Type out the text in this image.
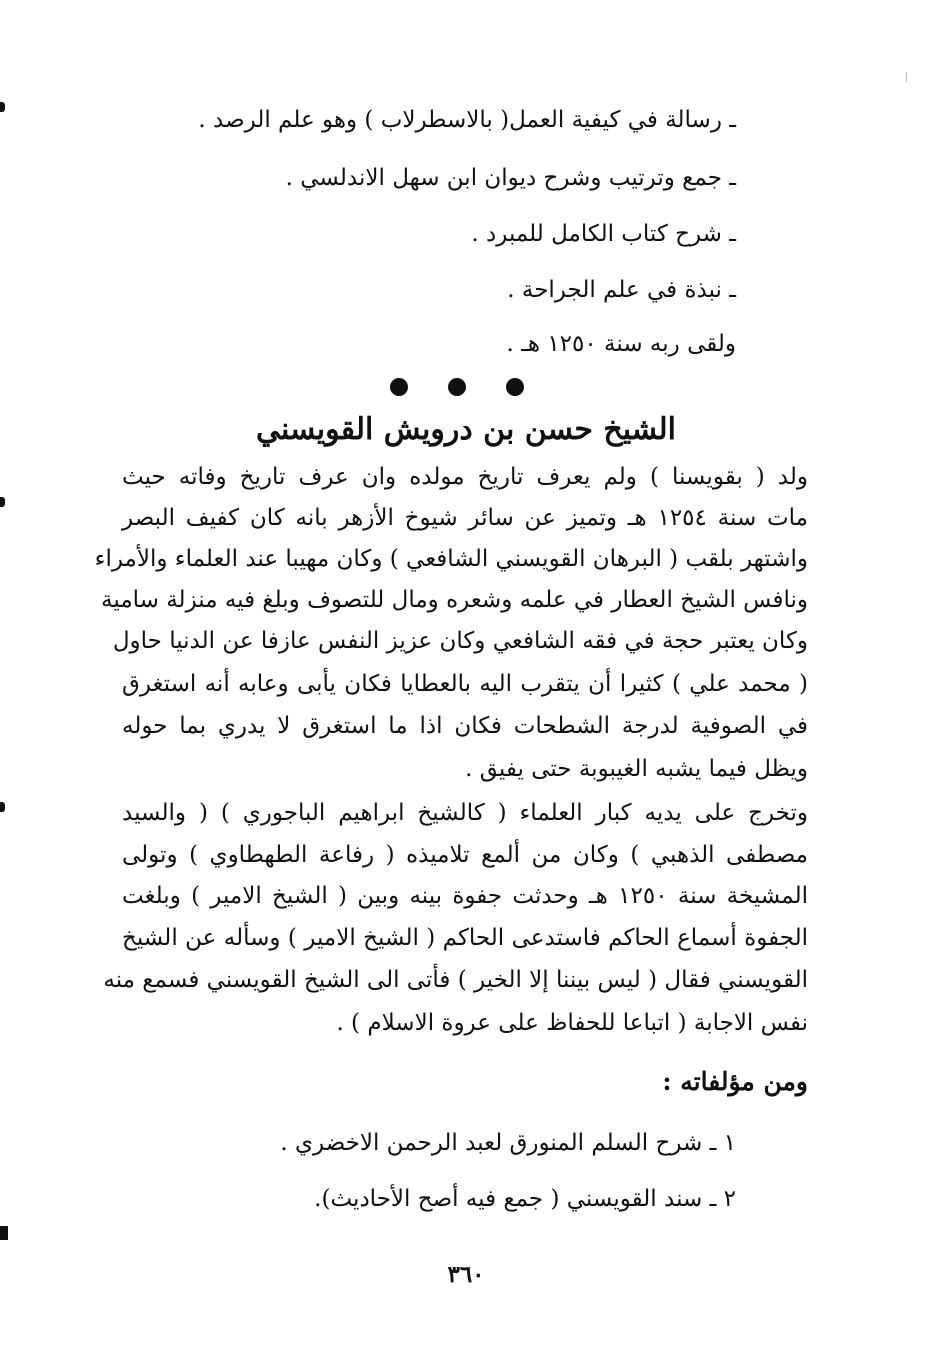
ـ رسالة في كيفية العمل( بالاسطرلاب ) وهو علم الرصد .
ـ جمع وترتيب وشرح ديوان ابن سهل الاندلسي .
ـ شرح كتاب الكامل للمبرد .
ـ نبذة في علم الجراحة .
ولقى ربه سنة ١٢٥٠ هـ .
الشيخ حسن بن درويش القويسني
ولد ( بقويسنا ) ولم يعرف تاريخ مولده وان عرف تاريخ وفاته حيث
مات سنة ١٢٥٤ هـ وتميز عن سائر شيوخ الأزهر بانه كان كفيف البصر
واشتهر بلقب ( البرهان القويسني الشافعي ) وكان مهيبا عند العلماء والأمراء
ونافس الشيخ العطار في علمه وشعره ومال للتصوف وبلغ فيه منزلة سامية
وكان يعتبر حجة في فقه الشافعي وكان عزيز النفس عازفا عن الدنيا حاول
( محمد علي ) كثيرا أن يتقرب اليه بالعطايا فكان يأبى وعابه أنه استغرق
في الصوفية لدرجة الشطحات فكان اذا ما استغرق لا يدري بما حوله
ويظل فيما يشبه الغيبوبة حتى يفيق .
وتخرج على يديه كبار العلماء ( كالشيخ ابراهيم الباجوري ) ( والسيد
مصطفى الذهبي ) وكان من ألمع تلاميذه ( رفاعة الطهطاوي ) وتولى
المشيخة سنة ١٢٥٠ هـ وحدثت جفوة بينه وبين ( الشيخ الامير ) وبلغت
الجفوة أسماع الحاكم فاستدعى الحاكم ( الشيخ الامير ) وسأله عن الشيخ
القويسني فقال ( ليس بيننا إلا الخير ) فأتى الى الشيخ القويسني فسمع منه
نفس الاجابة ( اتباعا للحفاظ على عروة الاسلام ) .
ومن مؤلفاته :
١ ـ شرح السلم المنورق لعبد الرحمن الاخضري .
٢ ـ سند القويسني ( جمع فيه أصح الأحاديث).
٣٦٠
